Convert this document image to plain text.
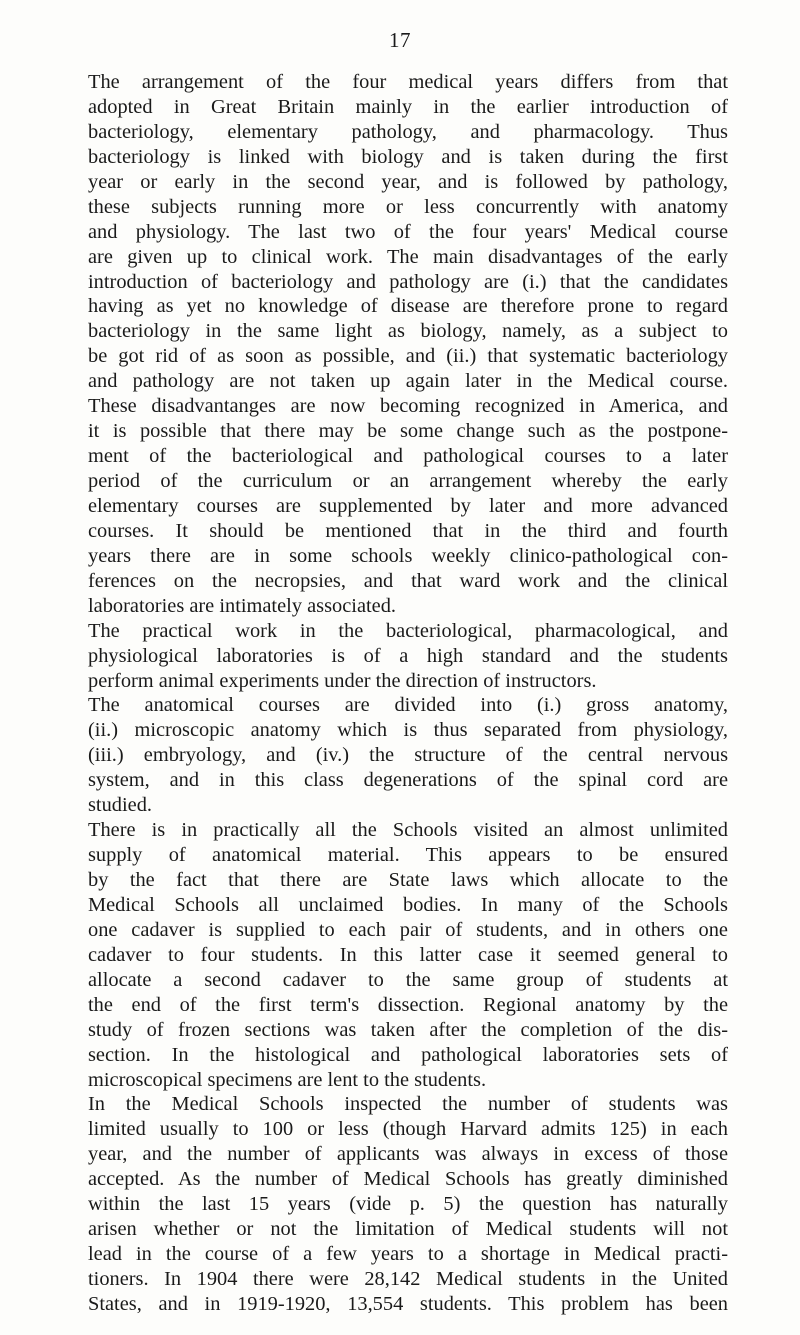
17
The arrangement of the four medical years differs from that
adopted in Great Britain mainly in the earlier introduction of
bacteriology, elementary pathology, and pharmacology. Thus
bacteriology is linked with biology and is taken during the first
year or early in the second year, and is followed by pathology,
these subjects running more or less concurrently with anatomy
and physiology. The last two of the four years' Medical course
are given up to clinical work. The main disadvantages of the early
introduction of bacteriology and pathology are (i.) that the candidates
having as yet no knowledge of disease are therefore prone to regard
bacteriology in the same light as biology, namely, as a subject to
be got rid of as soon as possible, and (ii.) that systematic bacteriology
and pathology are not taken up again later in the Medical course.
These disadvantanges are now becoming recognized in America, and
it is possible that there may be some change such as the postpone-
ment of the bacteriological and pathological courses to a later
period of the curriculum or an arrangement whereby the early
elementary courses are supplemented by later and more advanced
courses. It should be mentioned that in the third and fourth
years there are in some schools weekly clinico-pathological con-
ferences on the necropsies, and that ward work and the clinical
laboratories are intimately associated.
The practical work in the bacteriological, pharmacological, and
physiological laboratories is of a high standard and the students
perform animal experiments under the direction of instructors.
The anatomical courses are divided into (i.) gross anatomy,
(ii.) microscopic anatomy which is thus separated from physiology,
(iii.) embryology, and (iv.) the structure of the central nervous
system, and in this class degenerations of the spinal cord are
studied.
There is in practically all the Schools visited an almost unlimited
supply of anatomical material. This appears to be ensured
by the fact that there are State laws which allocate to the
Medical Schools all unclaimed bodies. In many of the Schools
one cadaver is supplied to each pair of students, and in others one
cadaver to four students. In this latter case it seemed general to
allocate a second cadaver to the same group of students at
the end of the first term's dissection. Regional anatomy by the
study of frozen sections was taken after the completion of the dis-
section. In the histological and pathological laboratories sets of
microscopical specimens are lent to the students.
In the Medical Schools inspected the number of students was
limited usually to 100 or less (though Harvard admits 125) in each
year, and the number of applicants was always in excess of those
accepted. As the number of Medical Schools has greatly diminished
within the last 15 years (vide p. 5) the question has naturally
arisen whether or not the limitation of Medical students will not
lead in the course of a few years to a shortage in Medical practi-
tioners. In 1904 there were 28,142 Medical students in the United
States, and in 1919-1920, 13,554 students. This problem has been
